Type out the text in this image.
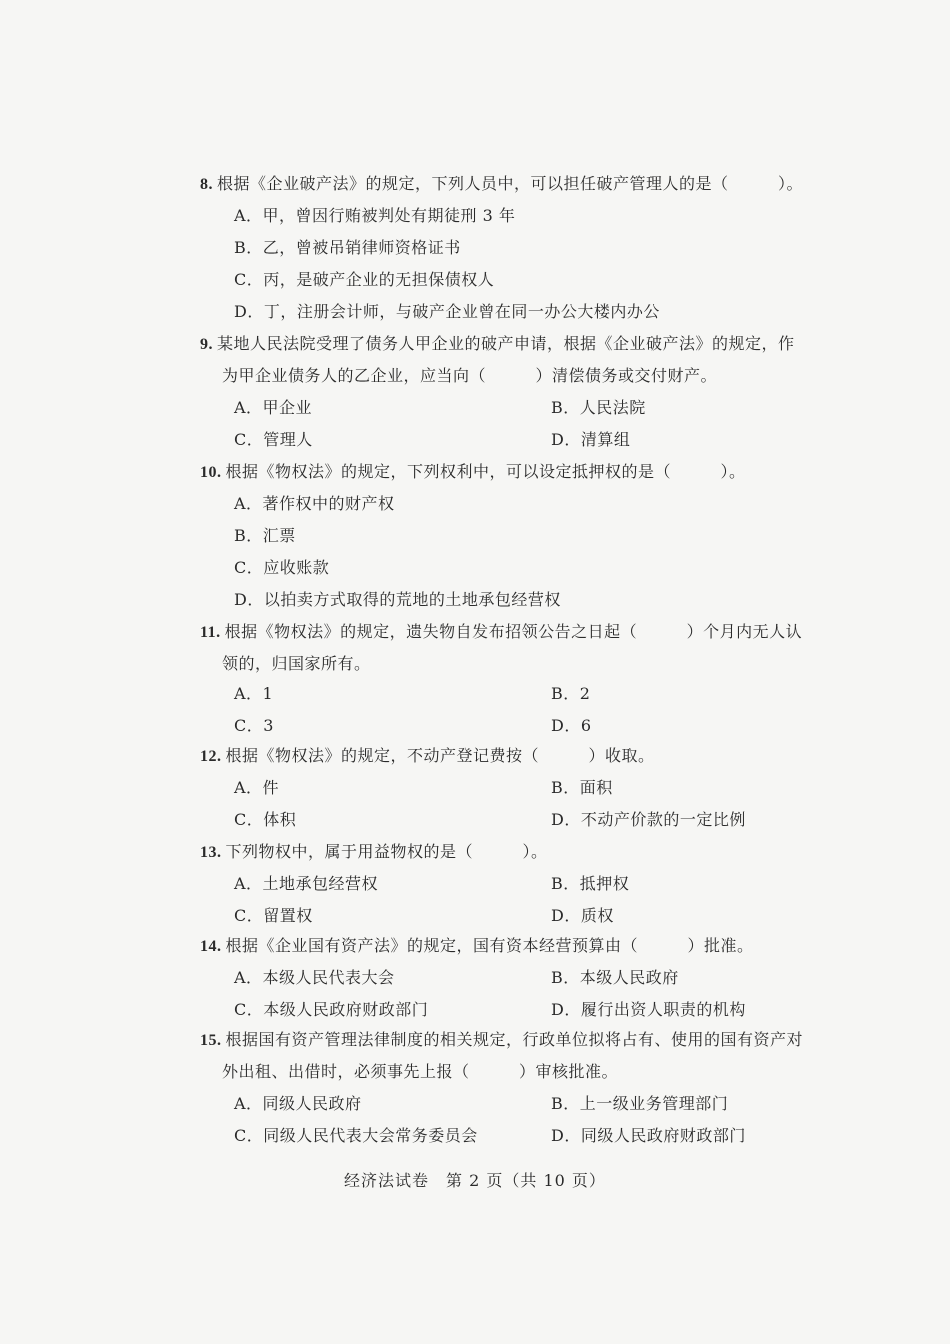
8. 根据《企业破产法》的规定，下列人员中，可以担任破产管理人的是（　　　）。
A．甲，曾因行贿被判处有期徒刑 3 年
B．乙，曾被吊销律师资格证书
C．丙，是破产企业的无担保债权人
D．丁，注册会计师，与破产企业曾在同一办公大楼内办公
9. 某地人民法院受理了债务人甲企业的破产申请，根据《企业破产法》的规定，作
为甲企业债务人的乙企业，应当向（　　　）清偿债务或交付财产。
A．甲企业	B．人民法院
C．管理人	D．清算组
10. 根据《物权法》的规定，下列权利中，可以设定抵押权的是（　　　）。
A．著作权中的财产权
B．汇票
C．应收账款
D．以拍卖方式取得的荒地的土地承包经营权
11. 根据《物权法》的规定，遗失物自发布招领公告之日起（　　　）个月内无人认
领的，归国家所有。
A．1	B．2
C．3	D．6
12. 根据《物权法》的规定，不动产登记费按（　　　）收取。
A．件	B．面积
C．体积	D．不动产价款的一定比例
13. 下列物权中，属于用益物权的是（　　　）。
A．土地承包经营权	B．抵押权
C．留置权	D．质权
14. 根据《企业国有资产法》的规定，国有资本经营预算由（　　　）批准。
A．本级人民代表大会	B．本级人民政府
C．本级人民政府财政部门	D．履行出资人职责的机构
15. 根据国有资产管理法律制度的相关规定，行政单位拟将占有、使用的国有资产对
外出租、出借时，必须事先上报（　　　）审核批准。
A．同级人民政府	B．上一级业务管理部门
C．同级人民代表大会常务委员会	D．同级人民政府财政部门
经济法试卷　第 2 页（共 10 页）
